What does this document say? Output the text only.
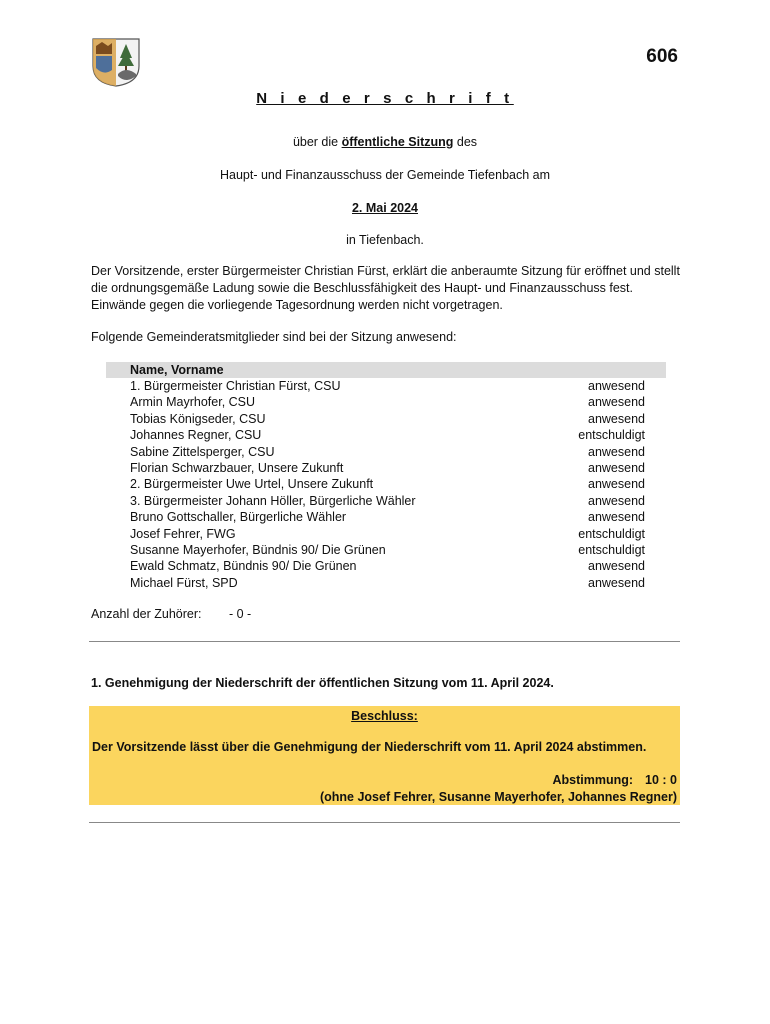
606
N i e d e r s c h r i f t
über die öffentliche Sitzung des
Haupt- und Finanzausschuss der Gemeinde Tiefenbach am
2. Mai 2024
in Tiefenbach.
Der Vorsitzende, erster Bürgermeister Christian Fürst, erklärt die anberaumte Sitzung für eröffnet und stellt die ordnungsgemäße Ladung sowie die Beschlussfähigkeit des Haupt- und Finanzausschuss fest. Einwände gegen die vorliegende Tagesordnung werden nicht vorgetragen.
Folgende Gemeinderatsmitglieder sind bei der Sitzung anwesend:
Name, Vorname
1. Bürgermeister Christian Fürst, CSU	anwesend
Armin Mayrhofer, CSU	anwesend
Tobias Königseder, CSU	anwesend
Johannes Regner, CSU	entschuldigt
Sabine Zittelsperger, CSU	anwesend
Florian Schwarzbauer, Unsere Zukunft	anwesend
2. Bürgermeister Uwe Urtel, Unsere Zukunft	anwesend
3. Bürgermeister Johann Höller, Bürgerliche Wähler	anwesend
Bruno Gottschaller, Bürgerliche Wähler	anwesend
Josef Fehrer, FWG	entschuldigt
Susanne Mayerhofer, Bündnis 90/ Die Grünen	entschuldigt
Ewald Schmatz, Bündnis 90/ Die Grünen	anwesend
Michael Fürst, SPD	anwesend
Anzahl der Zuhörer: - 0 -
1. Genehmigung der Niederschrift der öffentlichen Sitzung vom 11. April 2024.
Beschluss:
Der Vorsitzende lässt über die Genehmigung der Niederschrift vom 11. April 2024 abstimmen.
Abstimmung: 10 : 0
(ohne Josef Fehrer, Susanne Mayerhofer, Johannes Regner)
